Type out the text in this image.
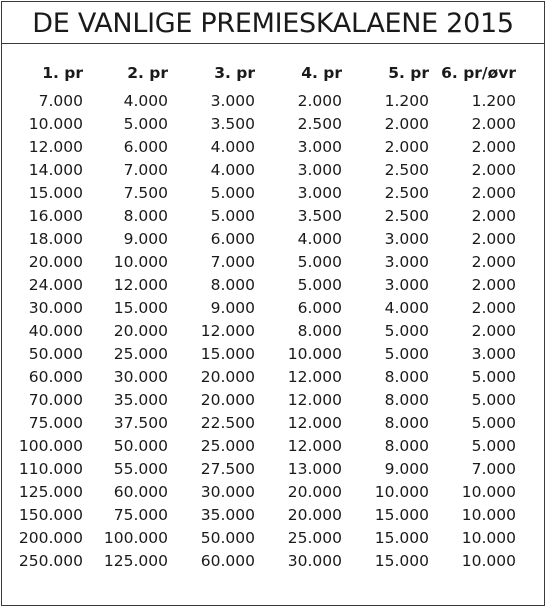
DE VANLIGE PREMIESKALAENE 2015
1. pr	2. pr	3. pr	4. pr	5. pr	6. pr/øvr
7.000	4.000	3.000	2.000	1.200	1.200
10.000	5.000	3.500	2.500	2.000	2.000
12.000	6.000	4.000	3.000	2.000	2.000
14.000	7.000	4.000	3.000	2.500	2.000
15.000	7.500	5.000	3.000	2.500	2.000
16.000	8.000	5.000	3.500	2.500	2.000
18.000	9.000	6.000	4.000	3.000	2.000
20.000	10.000	7.000	5.000	3.000	2.000
24.000	12.000	8.000	5.000	3.000	2.000
30.000	15.000	9.000	6.000	4.000	2.000
40.000	20.000	12.000	8.000	5.000	2.000
50.000	25.000	15.000	10.000	5.000	3.000
60.000	30.000	20.000	12.000	8.000	5.000
70.000	35.000	20.000	12.000	8.000	5.000
75.000	37.500	22.500	12.000	8.000	5.000
100.000	50.000	25.000	12.000	8.000	5.000
110.000	55.000	27.500	13.000	9.000	7.000
125.000	60.000	30.000	20.000	10.000	10.000
150.000	75.000	35.000	20.000	15.000	10.000
200.000	100.000	50.000	25.000	15.000	10.000
250.000	125.000	60.000	30.000	15.000	10.000
